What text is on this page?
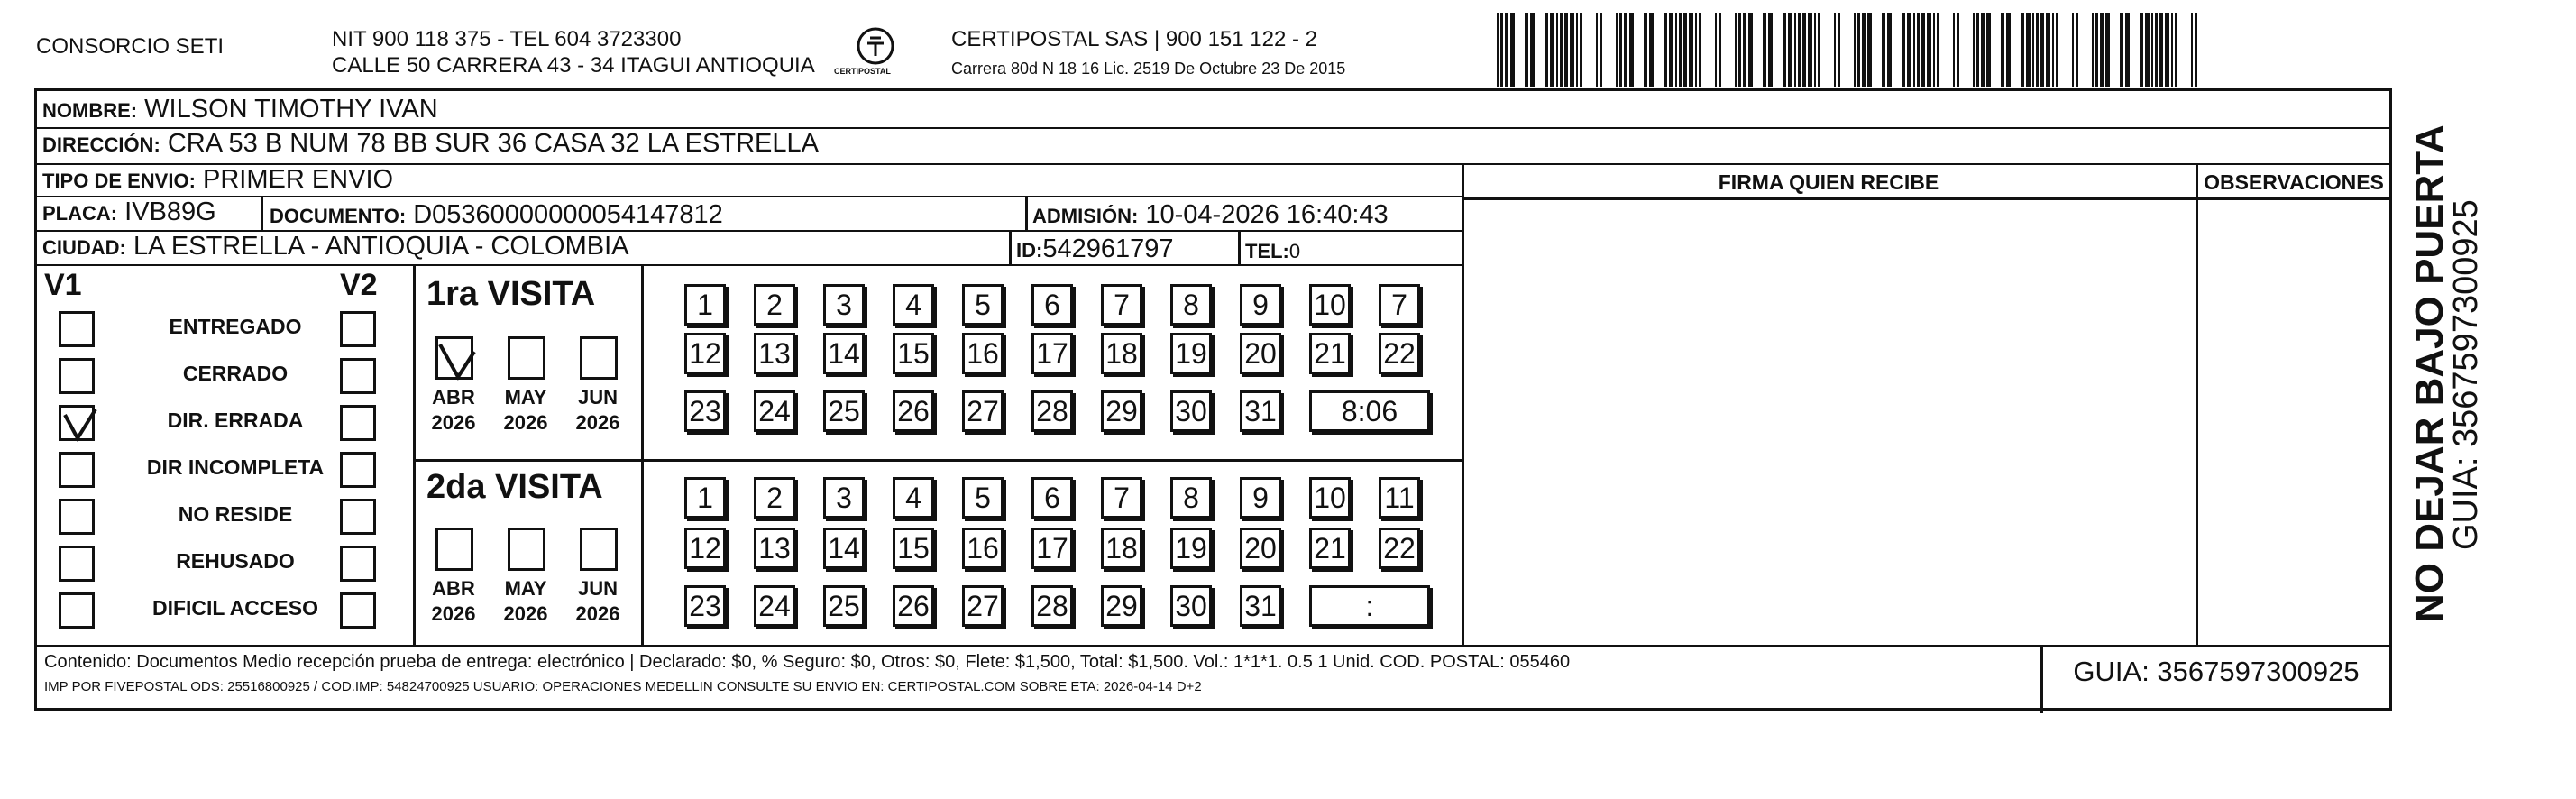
CONSORCIO SETI	NIT 900 118 375 - TEL 604 3723300
CALLE 50 CARRERA 43 - 34 ITAGUI ANTIOQUIA CERTIPOSTAL
CERTIPOSTAL SAS | 900 151 122 - 2
Carrera 80d N 18 16 Lic. 2519 De Octubre 23 De 2015
NOMBRE: WILSON TIMOTHY IVAN
DIRECCIÓN: CRA 53 B NUM 78 BB SUR 36 CASA 32 LA ESTRELLA
TIPO DE ENVIO: PRIMER ENVIO
PLACA: IVB89G	DOCUMENTO: D05360000000054147812	ADMISIÓN: 10-04-2026 16:40:43
CIUDAD: LA ESTRELLA - ANTIOQUIA - COLOMBIA	ID:542961797	TEL:0
FIRMA QUIEN RECIBE	OBSERVACIONES
V1	V2
ENTREGADO
CERRADO
DIR. ERRADA
DIR INCOMPLETA
NO RESIDE
REHUSADO
DIFICIL ACCESO
1ra VISITA
2da VISITA
ABR
2026
MAY
2026
JUN
2026
ABR
2026
MAY
2026
JUN
2026
1	2	3	4	5	6	7	8	9	10	7
12 13 14 15 16 17 18 19 20 21 22
23 24 25 26 27 28 29 30 31	8:06
1	2	3	4	5	6	7	8	9	10 11
12 13 14 15 16 17 18 19 20 21 22
23 24 25 26 27 28 29 30 31	:
Contenido: Documentos Medio recepción prueba de entrega: electrónico | Declarado: $0, % Seguro: $0, Otros: $0, Flete: $1,500, Total: $1,500. Vol.: 1*1*1. 0.5 1 Unid. COD. POSTAL: 055460
IMP POR FIVEPOSTAL ODS: 25516800925 / COD.IMP: 54824700925 USUARIO: OPERACIONES MEDELLIN CONSULTE SU ENVIO EN: CERTIPOSTAL.COM SOBRE ETA: 2026-04-14 D+2	GUIA: 3567597300925
NO DEJAR BAJO PUERTA
GUIA: 3567597300925
